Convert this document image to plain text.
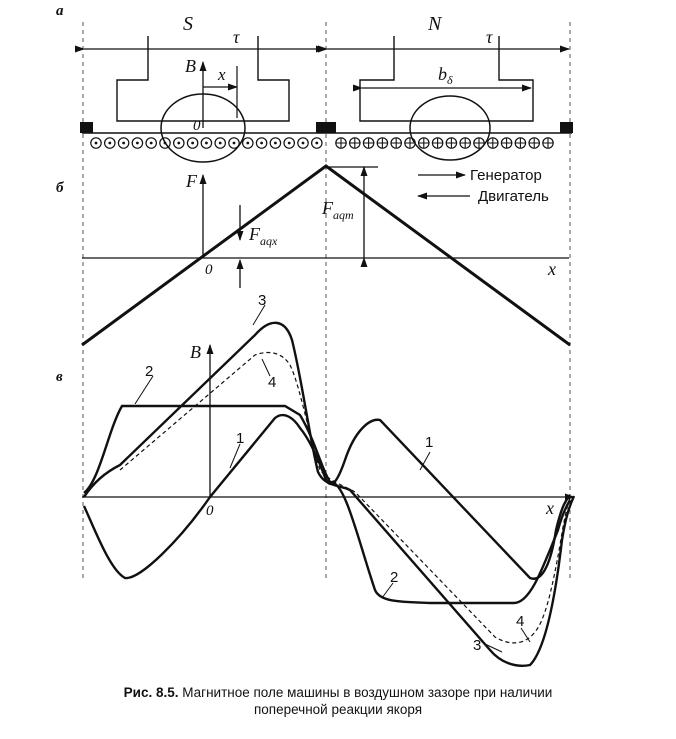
а
б
в
S	N
τ	τ
B x
0
$b_\delta$
F
x
0
$F_{aqm}$
$F_{aqx}$
Генератор
Двигатель
B
x
0
2
1
3
4
1
2
3
4
Рис. 8.5. Магнитное поле машины в воздушном зазоре при наличии
поперечной реакции якоря
